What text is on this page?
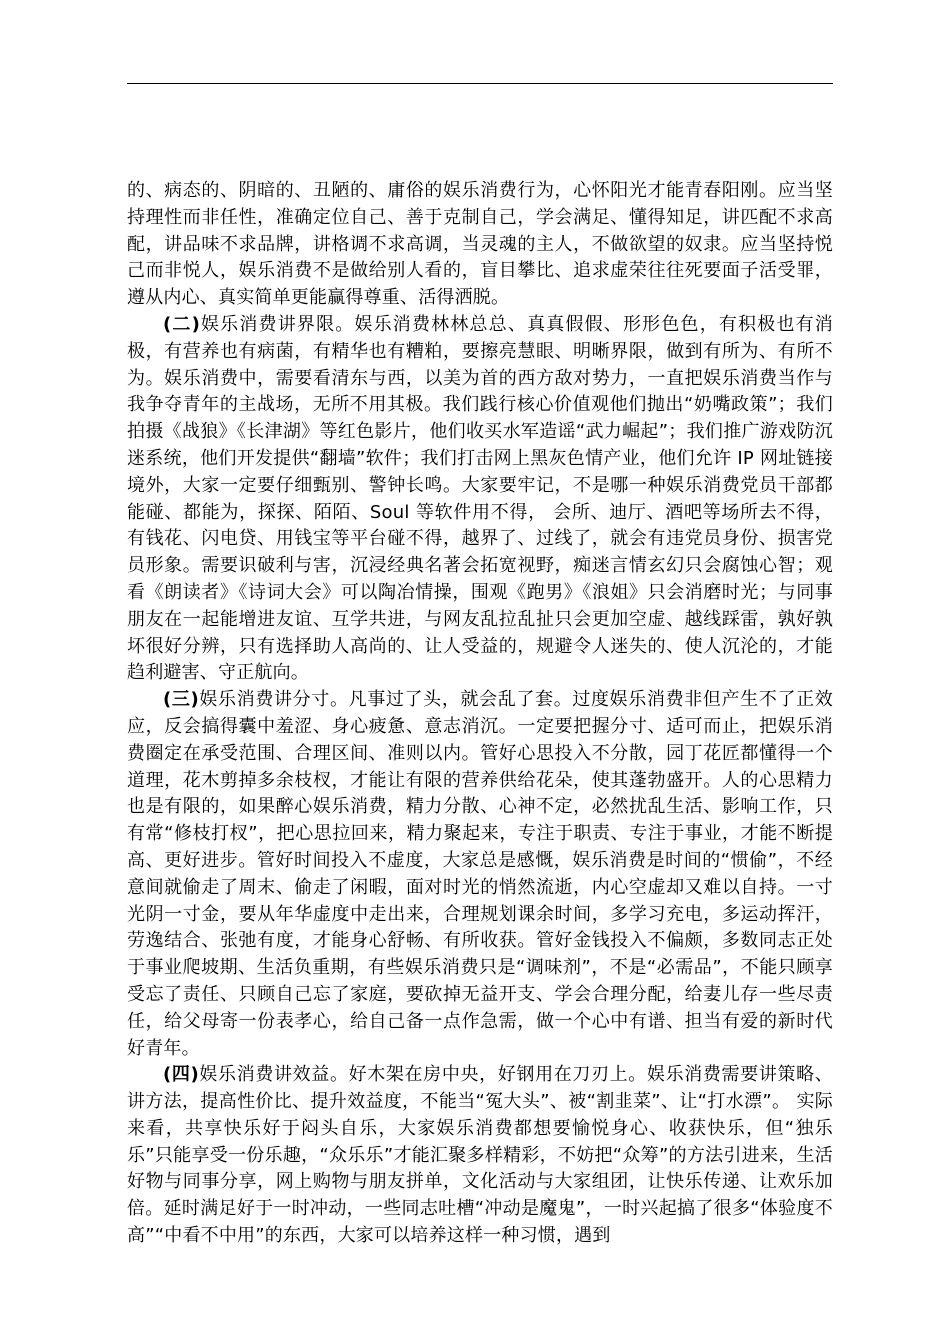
的、病态的、阴暗的、丑陋的、庸俗的娱乐消费行为，心怀阳光才能青春阳刚。应当坚持理性而非任性，准确定位自己、善于克制自己，学会满足、懂得知足，讲匹配不求高配，讲品味不求品牌，讲格调不求高调，当灵魂的主人，不做欲望的奴隶。应当坚持悦己而非悦人，娱乐消费不是做给别人看的，盲目攀比、追求虚荣往往死要面子活受罪，遵从内心、真实简单更能赢得尊重、活得洒脱。

(二)娱乐消费讲界限。娱乐消费林林总总、真真假假、形形色色，有积极也有消极，有营养也有病菌，有精华也有糟粕，要擦亮慧眼、明晰界限，做到有所为、有所不为。娱乐消费中，需要看清东与西，以美为首的西方敌对势力，一直把娱乐消费当作与我争夺青年的主战场，无所不用其极。我们践行核心价值观他们抛出“奶嘴政策”；我们拍摄《战狼》《长津湖》等红色影片，他们收买水军造谣“武力崛起”；我们推广游戏防沉迷系统，他们开发提供“翻墙”软件；我们打击网上黑灰色情产业，他们允许 IP 网址链接境外，大家一定要仔细甄别、警钟长鸣。大家要牢记，不是哪一种娱乐消费党员干部都能碰、都能为，探探、陌陌、Soul 等软件用不得， 会所、迪厅、酒吧等场所去不得， 有钱花、闪电贷、用钱宝等平台碰不得，越界了、过线了，就会有违党员身份、损害党员形象。需要识破利与害，沉浸经典名著会拓宽视野，痴迷言情玄幻只会腐蚀心智；观看《朗读者》《诗词大会》可以陶冶情操，围观《跑男》《浪姐》只会消磨时光；与同事朋友在一起能增进友谊、互学共进，与网友乱拉乱扯只会更加空虚、越线踩雷，孰好孰坏很好分辨，只有选择助人高尚的、让人受益的，规避令人迷失的、使人沉沦的，才能趋利避害、守正航向。

(三)娱乐消费讲分寸。凡事过了头，就会乱了套。过度娱乐消费非但产生不了正效应，反会搞得囊中羞涩、身心疲惫、意志消沉。一定要把握分寸、适可而止，把娱乐消费圈定在承受范围、合理区间、准则以内。管好心思投入不分散，园丁花匠都懂得一个道理，花木剪掉多余枝杈，才能让有限的营养供给花朵，使其蓬勃盛开。人的心思精力也是有限的，如果醉心娱乐消费，精力分散、心神不定，必然扰乱生活、影响工作，只有常“修枝打杈”，把心思拉回来，精力聚起来，专注于职责、专注于事业，才能不断提高、更好进步。管好时间投入不虚度，大家总是感慨，娱乐消费是时间的“惯偷”，不经意间就偷走了周末、偷走了闲暇，面对时光的悄然流逝，内心空虚却又难以自持。一寸光阴一寸金，要从年华虚度中走出来，合理规划课余时间，多学习充电，多运动挥汗，劳逸结合、张弛有度，才能身心舒畅、有所收获。管好金钱投入不偏颇，多数同志正处于事业爬坡期、生活负重期，有些娱乐消费只是“调味剂”，不是“必需品”，不能只顾享受忘了责任、只顾自己忘了家庭，要砍掉无益开支、学会合理分配，给妻儿存一些尽责任，给父母寄一份表孝心，给自己备一点作急需，做一个心中有谱、担当有爱的新时代好青年。

(四)娱乐消费讲效益。好木架在房中央，好钢用在刀刃上。娱乐消费需要讲策略、讲方法，提高性价比、提升效益度，不能当“冤大头”、被“割韭菜”、让“打水漂”。 实际来看，共享快乐好于闷头自乐，大家娱乐消费都想要愉悦身心、收获快乐，但“独乐乐”只能享受一份乐趣，“众乐乐”才能汇聚多样精彩，不妨把“众筹”的方法引进来，生活好物与同事分享，网上购物与朋友拼单，文化活动与大家组团，让快乐传递、让欢乐加倍。延时满足好于一时冲动，一些同志吐槽“冲动是魔鬼”，一时兴起搞了很多“体验度不高”“中看不中用”的东西，大家可以培养这样一种习惯，遇到
